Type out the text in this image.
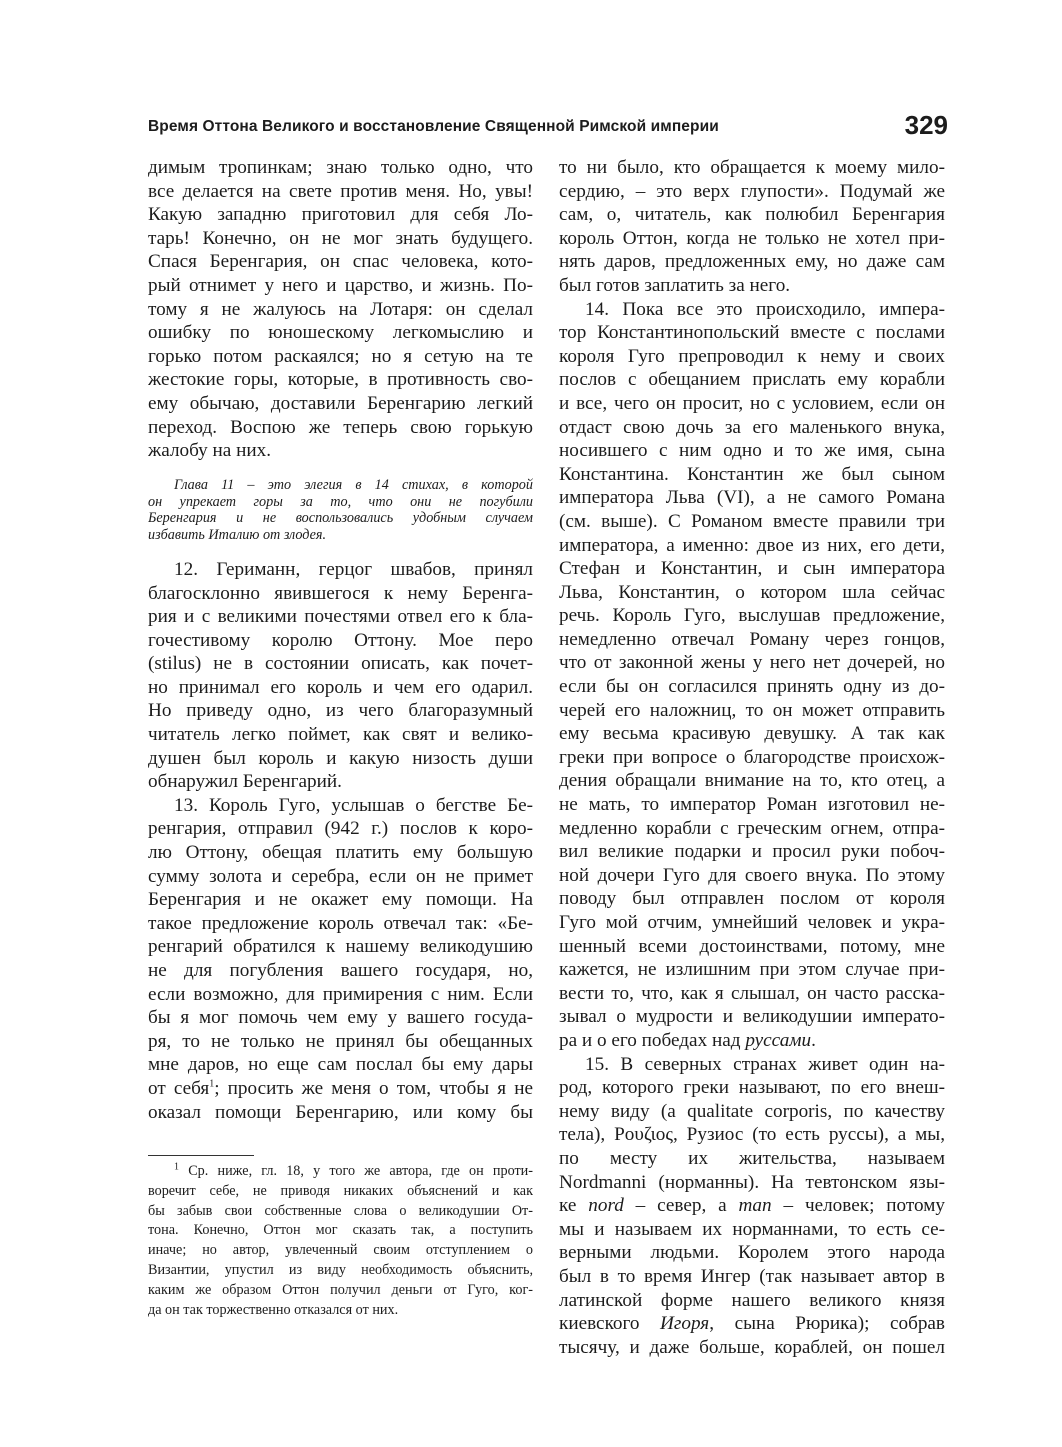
Время Оттона Великого и восстановление Священной Римской империи	329
димым тропинкам; знаю только одно, что
все делается на свете против меня. Но, увы!
Какую западню приготовил для себя Ло-
тарь! Конечно, он не мог знать будущего.
Спася Беренгария, он спас человека, кото-
рый отнимет у него и царство, и жизнь. По-
тому я не жалуюсь на Лотаря: он сделал
ошибку по юношескому легкомыслию и
горько потом раскаялся; но я сетую на те
жестокие горы, которые, в противность сво-
ему обычаю, доставили Беренгарию легкий
переход. Воспою же теперь свою горькую
жалобу на них.
Глава 11 – это элегия в 14 стихах, в которой
он упрекает горы за то, что они не погубили
Беренгария и не воспользовались удобным случаем
избавить Италию от злодея.
12. Гериманн, герцог швабов, принял
благосклонно явившегося к нему Беренга-
рия и с великими почестями отвел его к бла-
гочестивому королю Оттону. Мое перо
(stilus) не в состоянии описать, как почет-
но принимал его король и чем его одарил.
Но приведу одно, из чего благоразумный
читатель легко поймет, как свят и велико-
душен был король и какую низость души
обнаружил Беренгарий.
13. Король Гуго, услышав о бегстве Бе-
ренгария, отправил (942 г.) послов к коро-
лю Оттону, обещая платить ему большую
сумму золота и серебра, если он не примет
Беренгария и не окажет ему помощи. На
такое предложение король отвечал так: «Бе-
ренгарий обратился к нашему великодушию
не для погубления вашего государя, но,
если возможно, для примирения с ним. Если
бы я мог помочь чем ему у вашего госуда-
ря, то не только не принял бы обещанных
мне даров, но еще сам послал бы ему дары
от себя$^1$; просить же меня о том, чтобы я не
оказал помощи Беренгарию, или кому бы
$^1$ Ср. ниже, гл. 18, у того же автора, где он проти-
воречит себе, не приводя никаких объяснений и как
бы забыв свои собственные слова о великодушии От-
тона. Конечно, Оттон мог сказать так, а поступить
иначе; но автор, увлеченный своим отступлением о
Византии, упустил из виду необходимость объяснить,
каким же образом Оттон получил деньги от Гуго, ког-
да он так торжественно отказался от них.
то ни было, кто обращается к моему мило-
сердию, – это верх глупости». Подумай же
сам, о, читатель, как полюбил Беренгария
король Оттон, когда не только не хотел при-
нять даров, предложенных ему, но даже сам
был готов заплатить за него.
14. Пока все это происходило, импера-
тор Константинопольский вместе с послами
короля Гуго препроводил к нему и своих
послов с обещанием прислать ему корабли
и все, чего он просит, но с условием, если он
отдаст свою дочь за его маленького внука,
носившего с ним одно и то же имя, сына
Константина. Константин же был сыном
императора Льва (VI), а не самого Романа
(см. выше). С Романом вместе правили три
императора, а именно: двое из них, его дети,
Стефан и Константин, и сын императора
Льва, Константин, о котором шла сейчас
речь. Король Гуго, выслушав предложение,
немедленно отвечал Роману через гонцов,
что от законной жены у него нет дочерей, но
если бы он согласился принять одну из до-
черей его наложниц, то он может отправить
ему весьма красивую девушку. А так как
греки при вопросе о благородстве происхож-
дения обращали внимание на то, кто отец, а
не мать, то император Роман изготовил не-
медленно корабли с греческим огнем, отпра-
вил великие подарки и просил руки побоч-
ной дочери Гуго для своего внука. По этому
поводу был отправлен послом от короля
Гуго мой отчим, умнейший человек и укра-
шенный всеми достоинствами, потому, мне
кажется, не излишним при этом случае при-
вести то, что, как я слышал, он часто расска-
зывал о мудрости и великодушии императо-
ра и о его победах над руссами.
15. В северных странах живет один на-
род, которого греки называют, по его внеш-
нему виду (a qualitate corporis, по качеству
тела), Ρουζιος, Рузиос (то есть руссы), а мы,
по месту их жительства, называем
Nordmanni (норманны). На тевтонском язы-
ке nord – север, а man – человек; потому
мы и называем их норманнами, то есть се-
верными людьми. Королем этого народа
был в то время Ингер (так называет автор в
латинской форме нашего великого князя
киевского Игоря, сына Рюрика); собрав
тысячу, и даже больше, кораблей, он пошел
